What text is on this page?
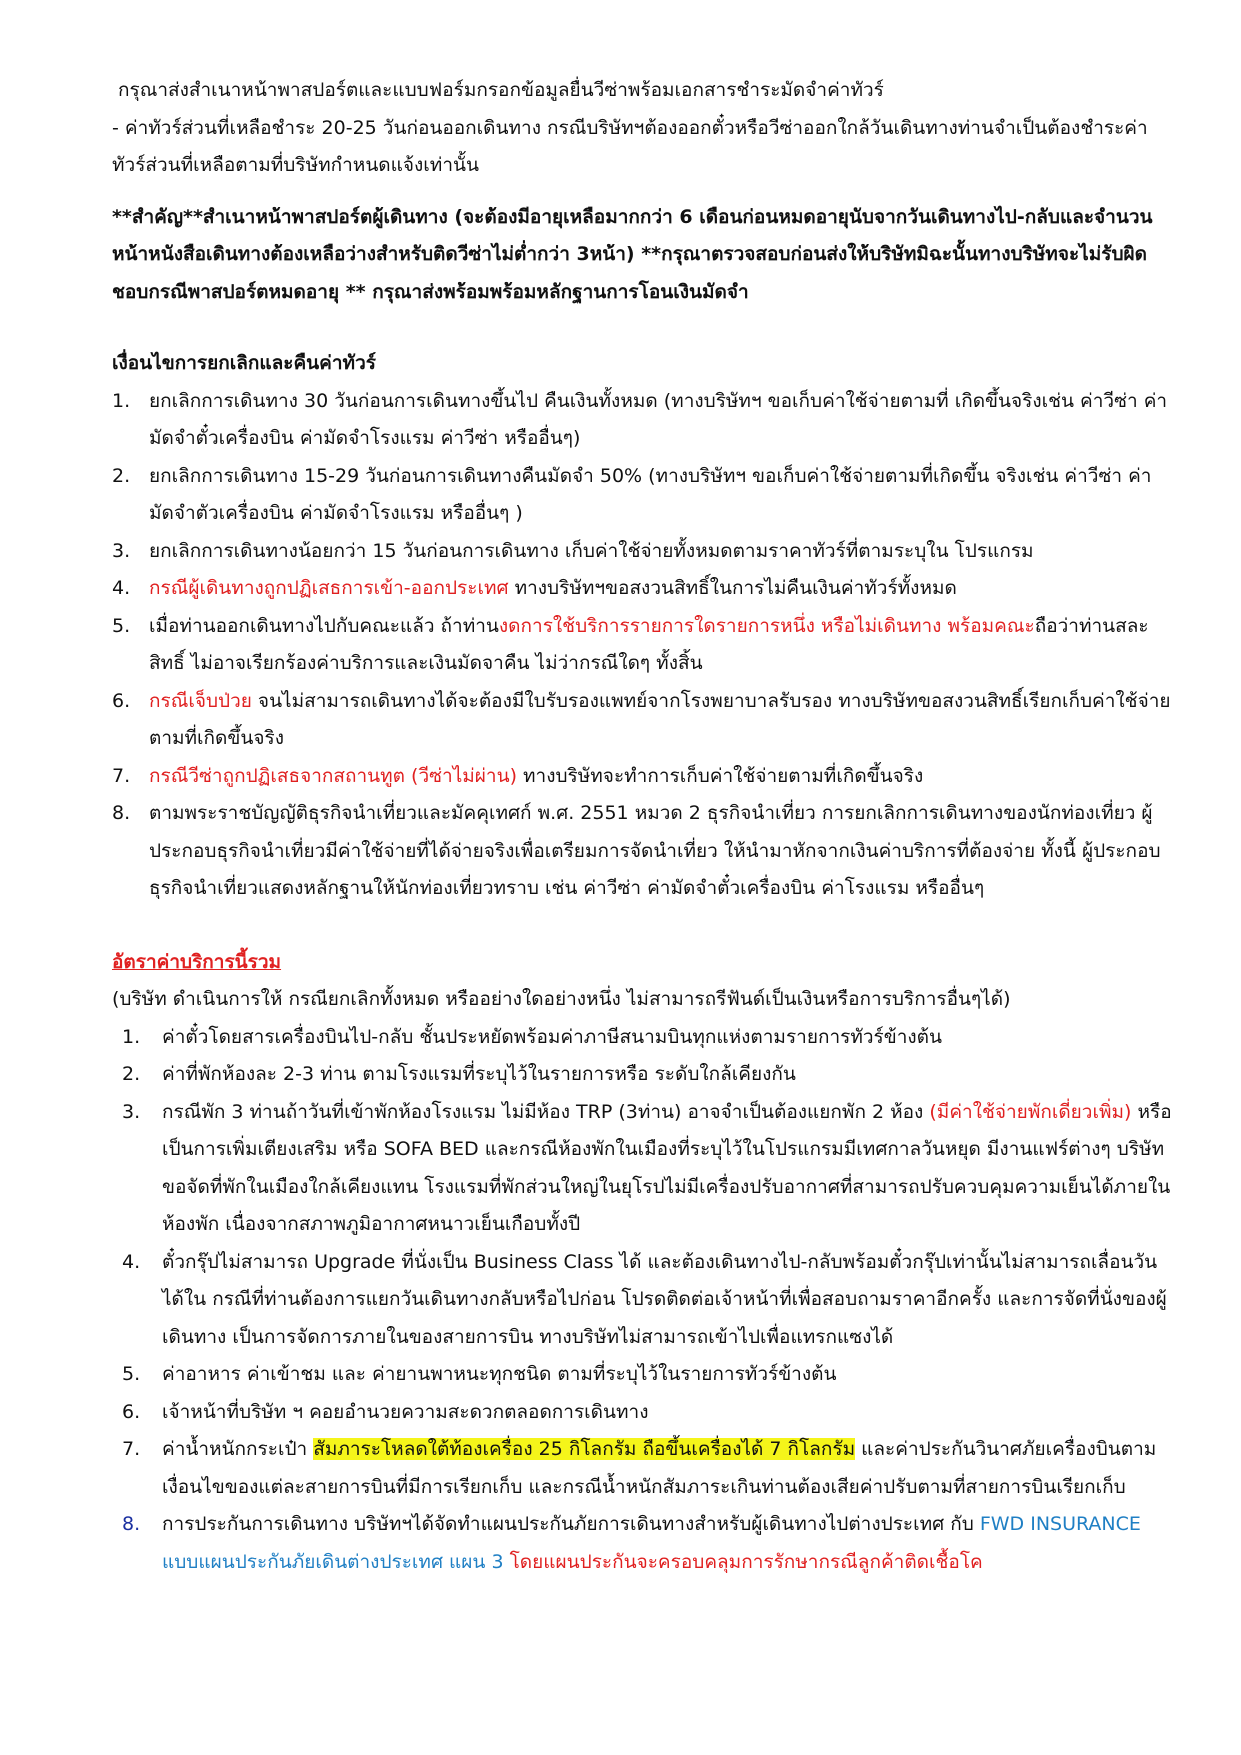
กรุณาส่งสำเนาหน้าพาสปอร์ตและแบบฟอร์มกรอกข้อมูลยื่นวีซ่าพร้อมเอกสารชำระมัดจำค่าทัวร์

- ค่าทัวร์ส่วนที่เหลือชำระ 20-25 วันก่อนออกเดินทาง กรณีบริษัทฯต้องออกตั๋วหรือวีซ่าออกใกล้วันเดินทางท่านจำเป็นต้องชำระค่าทัวร์ส่วนที่เหลือตามที่บริษัทกำหนดแจ้งเท่านั้น

**สำคัญ**สำเนาหน้าพาสปอร์ตผู้เดินทาง (จะต้องมีอายุเหลือมากกว่า 6 เดือนก่อนหมดอายุนับจากวันเดินทางไป-กลับและจำนวนหน้าหนังสือเดินทางต้องเหลือว่างสำหรับติดวีซ่าไม่ต่ำกว่า 3หน้า) **กรุณาตรวจสอบก่อนส่งให้บริษัทมิฉะนั้นทางบริษัทจะไม่รับผิดชอบกรณีพาสปอร์ตหมดอายุ ** กรุณาส่งพร้อมพร้อมหลักฐานการโอนเงินมัดจำ

เงื่อนไขการยกเลิกและคืนค่าทัวร์

1. ยกเลิกการเดินทาง 30 วันก่อนการเดินทางขึ้นไป คืนเงินทั้งหมด (ทางบริษัทฯ ขอเก็บค่าใช้จ่ายตามที่ เกิดขึ้นจริงเช่น ค่าวีซ่า ค่ามัดจำตั๋วเครื่องบิน ค่ามัดจำโรงแรม ค่าวีซ่า หรืออื่นๆ)
2. ยกเลิกการเดินทาง 15-29 วันก่อนการเดินทางคืนมัดจำ 50% (ทางบริษัทฯ ขอเก็บค่าใช้จ่ายตามที่เกิดขึ้น จริงเช่น ค่าวีซ่า ค่ามัดจำตัวเครื่องบิน ค่ามัดจำโรงแรม หรืออื่นๆ )
3. ยกเลิกการเดินทางน้อยกว่า 15 วันก่อนการเดินทาง เก็บค่าใช้จ่ายทั้งหมดตามราคาทัวร์ที่ตามระบุใน โปรแกรม
4. กรณีผู้เดินทางถูกปฏิเสธการเข้า-ออกประเทศ ทางบริษัทฯขอสงวนสิทธิ์ในการไม่คืนเงินค่าทัวร์ทั้งหมด
5. เมื่อท่านออกเดินทางไปกับคณะแล้ว ถ้าท่านงดการใช้บริการรายการใดรายการหนึ่ง หรือไม่เดินทาง พร้อมคณะถือว่าท่านสละสิทธิ์ ไม่อาจเรียกร้องค่าบริการและเงินมัดจาคืน ไม่ว่ากรณีใดๆ ทั้งสิ้น
6. กรณีเจ็บป่วย จนไม่สามารถเดินทางได้จะต้องมีใบรับรองแพทย์จากโรงพยาบาลรับรอง ทางบริษัทขอสงวนสิทธิ์เรียกเก็บค่าใช้จ่ายตามที่เกิดขึ้นจริง
7. กรณีวีซ่าถูกปฏิเสธจากสถานทูต (วีซ่าไม่ผ่าน) ทางบริษัทจะทำการเก็บค่าใช้จ่ายตามที่เกิดขึ้นจริง
8. ตามพระราชบัญญัติธุรกิจนำเที่ยวและมัคคุเทศก์ พ.ศ. 2551 หมวด 2 ธุรกิจนำเที่ยว การยกเลิกการเดินทางของนักท่องเที่ยว ผู้ประกอบธุรกิจนำเที่ยวมีค่าใช้จ่ายที่ได้จ่ายจริงเพื่อเตรียมการจัดนำเที่ยว ให้นำมาหักจากเงินค่าบริการที่ต้องจ่าย ทั้งนี้ ผู้ประกอบธุรกิจนำเที่ยวแสดงหลักฐานให้นักท่องเที่ยวทราบ เช่น ค่าวีซ่า ค่ามัดจำตั๋วเครื่องบิน ค่าโรงแรม หรืออื่นๆ

อัตราค่าบริการนี้รวม

(บริษัท ดำเนินการให้ กรณียกเลิกทั้งหมด หรืออย่างใดอย่างหนึ่ง ไม่สามารถรีฟันด์เป็นเงินหรือการบริการอื่นๆได้)

1. ค่าตั๋วโดยสารเครื่องบินไป-กลับ ชั้นประหยัดพร้อมค่าภาษีสนามบินทุกแห่งตามรายการทัวร์ข้างต้น
2. ค่าที่พักห้องละ 2-3 ท่าน ตามโรงแรมที่ระบุไว้ในรายการหรือ ระดับใกล้เคียงกัน
3. กรณีพัก 3 ท่านถ้าวันที่เข้าพักห้องโรงแรม ไม่มีห้อง TRP (3ท่าน) อาจจำเป็นต้องแยกพัก 2 ห้อง (มีค่าใช้จ่ายพักเดี่ยวเพิ่ม) หรือเป็นการเพิ่มเตียงเสริม หรือ SOFA BED และกรณีห้องพักในเมืองที่ระบุไว้ในโปรแกรมมีเทศกาลวันหยุด มีงานแฟร์ต่างๆ บริษัทขอจัดที่พักในเมืองใกล้เคียงแทน โรงแรมที่พักส่วนใหญ่ในยุโรปไม่มีเครื่องปรับอากาศที่สามารถปรับควบคุมความเย็นได้ภายในห้องพัก เนื่องจากสภาพภูมิอากาศหนาวเย็นเกือบทั้งปี
4. ตั๋วกรุ๊ปไม่สามารถ Upgrade ที่นั่งเป็น Business Class ได้ และต้องเดินทางไป-กลับพร้อมตั๋วกรุ๊ปเท่านั้นไม่สามารถเลื่อนวันได้ใน กรณีที่ท่านต้องการแยกวันเดินทางกลับหรือไปก่อน โปรดติดต่อเจ้าหน้าที่เพื่อสอบถามราคาอีกครั้ง และการจัดที่นั่งของผู้เดินทาง เป็นการจัดการภายในของสายการบิน ทางบริษัทไม่สามารถเข้าไปเพื่อแทรกแซงได้
5. ค่าอาหาร ค่าเข้าชม และ ค่ายานพาหนะทุกชนิด ตามที่ระบุไว้ในรายการทัวร์ข้างต้น
6. เจ้าหน้าที่บริษัท ฯ คอยอำนวยความสะดวกตลอดการเดินทาง
7. ค่าน้ำหนักกระเป๋า สัมภาระโหลดใต้ท้องเครื่อง 25 กิโลกรัม ถือขึ้นเครื่องได้ 7 กิโลกรัม และค่าประกันวินาศภัยเครื่องบินตามเงื่อนไขของแต่ละสายการบินที่มีการเรียกเก็บ และกรณีน้ำหนักสัมภาระเกินท่านต้องเสียค่าปรับตามที่สายการบินเรียกเก็บ
8. การประกันการเดินทาง บริษัทฯได้จัดทำแผนประกันภัยการเดินทางสำหรับผู้เดินทางไปต่างประเทศ กับ FWD INSURANCE แบบแผนประกันภัยเดินต่างประเทศ แผน 3 โดยแผนประกันจะครอบคลุมการรักษากรณีลูกค้าติดเชื้อโค
